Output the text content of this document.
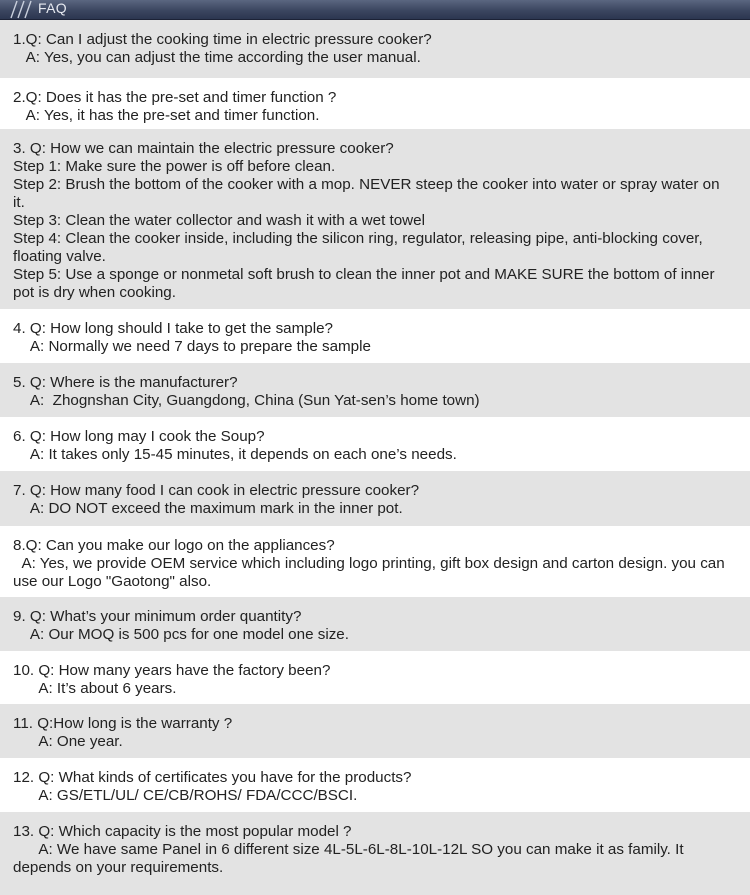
FAQ
1.Q: Can I adjust the cooking time in electric pressure cooker?
A: Yes, you can adjust the time according the user manual.
2.Q: Does it has the pre-set and timer function ?
A: Yes, it has the pre-set and timer function.
3. Q: How we can maintain the electric pressure cooker?
Step 1: Make sure the power is off before clean.
Step 2: Brush the bottom of the cooker with a mop. NEVER steep the cooker into water or spray water on it.
Step 3: Clean the water collector and wash it with a wet towel
Step 4: Clean the cooker inside, including the silicon ring, regulator, releasing pipe, anti-blocking cover, floating valve.
Step 5: Use a sponge or nonmetal soft brush to clean the inner pot and MAKE SURE the bottom of inner pot is dry when cooking.
4. Q: How long should I take to get the sample?
A: Normally we need 7 days to prepare the sample
5. Q: Where is the manufacturer?
A:  Zhognshan City, Guangdong, China (Sun Yat-sen’s home town)
6. Q: How long may I cook the Soup?
A: It takes only 15-45 minutes, it depends on each one’s needs.
7. Q: How many food I can cook in electric pressure cooker?
A: DO NOT exceed the maximum mark in the inner pot.
8.Q: Can you make our logo on the appliances?
A: Yes, we provide OEM service which including logo printing, gift box design and carton design. you can use our Logo "Gaotong" also.
9. Q: What’s your minimum order quantity?
A: Our MOQ is 500 pcs for one model one size.
10. Q: How many years have the factory been?
A: It’s about 6 years.
11. Q:How long is the warranty ?
A: One year.
12. Q: What kinds of certificates you have for the products?
A: GS/ETL/UL/ CE/CB/ROHS/ FDA/CCC/BSCI.
13. Q: Which capacity is the most popular model ?
A: We have same Panel in 6 different size 4L-5L-6L-8L-10L-12L SO you can make it as family. It depends on your requirements.
